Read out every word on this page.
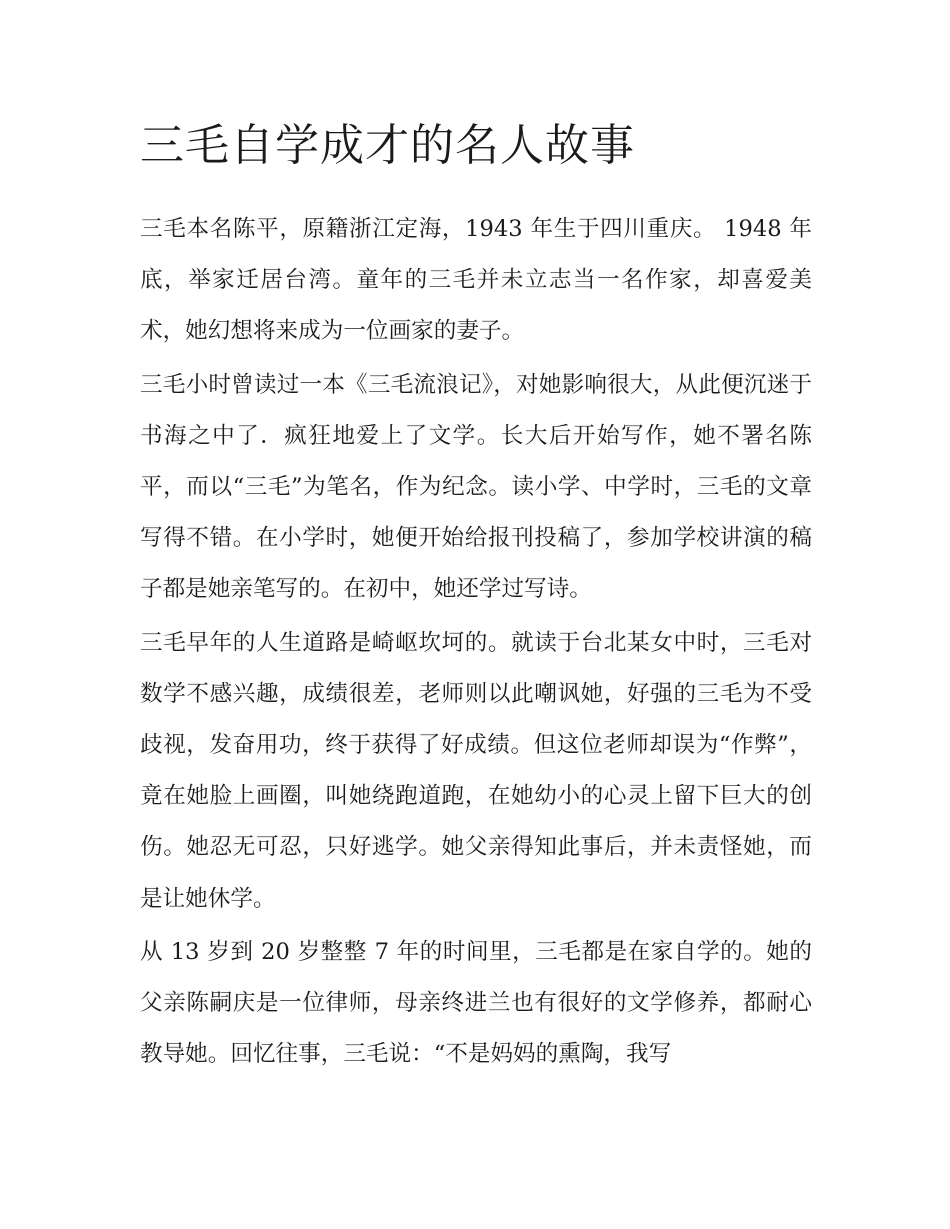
三毛自学成才的名人故事

三毛本名陈平，原籍浙江定海，1943 年生于四川重庆。 1948 年底，举家迁居台湾。童年的三毛并未立志当一名作家，却喜爱美术，她幻想将来成为一位画家的妻子。

三毛小时曾读过一本《三毛流浪记》，对她影响很大，从此便沉迷于书海之中了．疯狂地爱上了文学。长大后开始写作，她不署名陈平，而以“三毛”为笔名，作为纪念。读小学、中学时，三毛的文章写得不错。在小学时，她便开始给报刊投稿了，参加学校讲演的稿子都是她亲笔写的。在初中，她还学过写诗。

三毛早年的人生道路是崎岖坎坷的。就读于台北某女中时，三毛对数学不感兴趣，成绩很差，老师则以此嘲讽她，好强的三毛为不受歧视，发奋用功，终于获得了好成绩。但这位老师却误为“作弊”，竟在她脸上画圈，叫她绕跑道跑，在她幼小的心灵上留下巨大的创伤。她忍无可忍，只好逃学。她父亲得知此事后，并未责怪她，而是让她休学。

从 13 岁到 20 岁整整 7 年的时间里，三毛都是在家自学的。她的父亲陈嗣庆是一位律师，母亲终进兰也有很好的文学修养，都耐心教导她。回忆往事，三毛说：“不是妈妈的熏陶，我写
